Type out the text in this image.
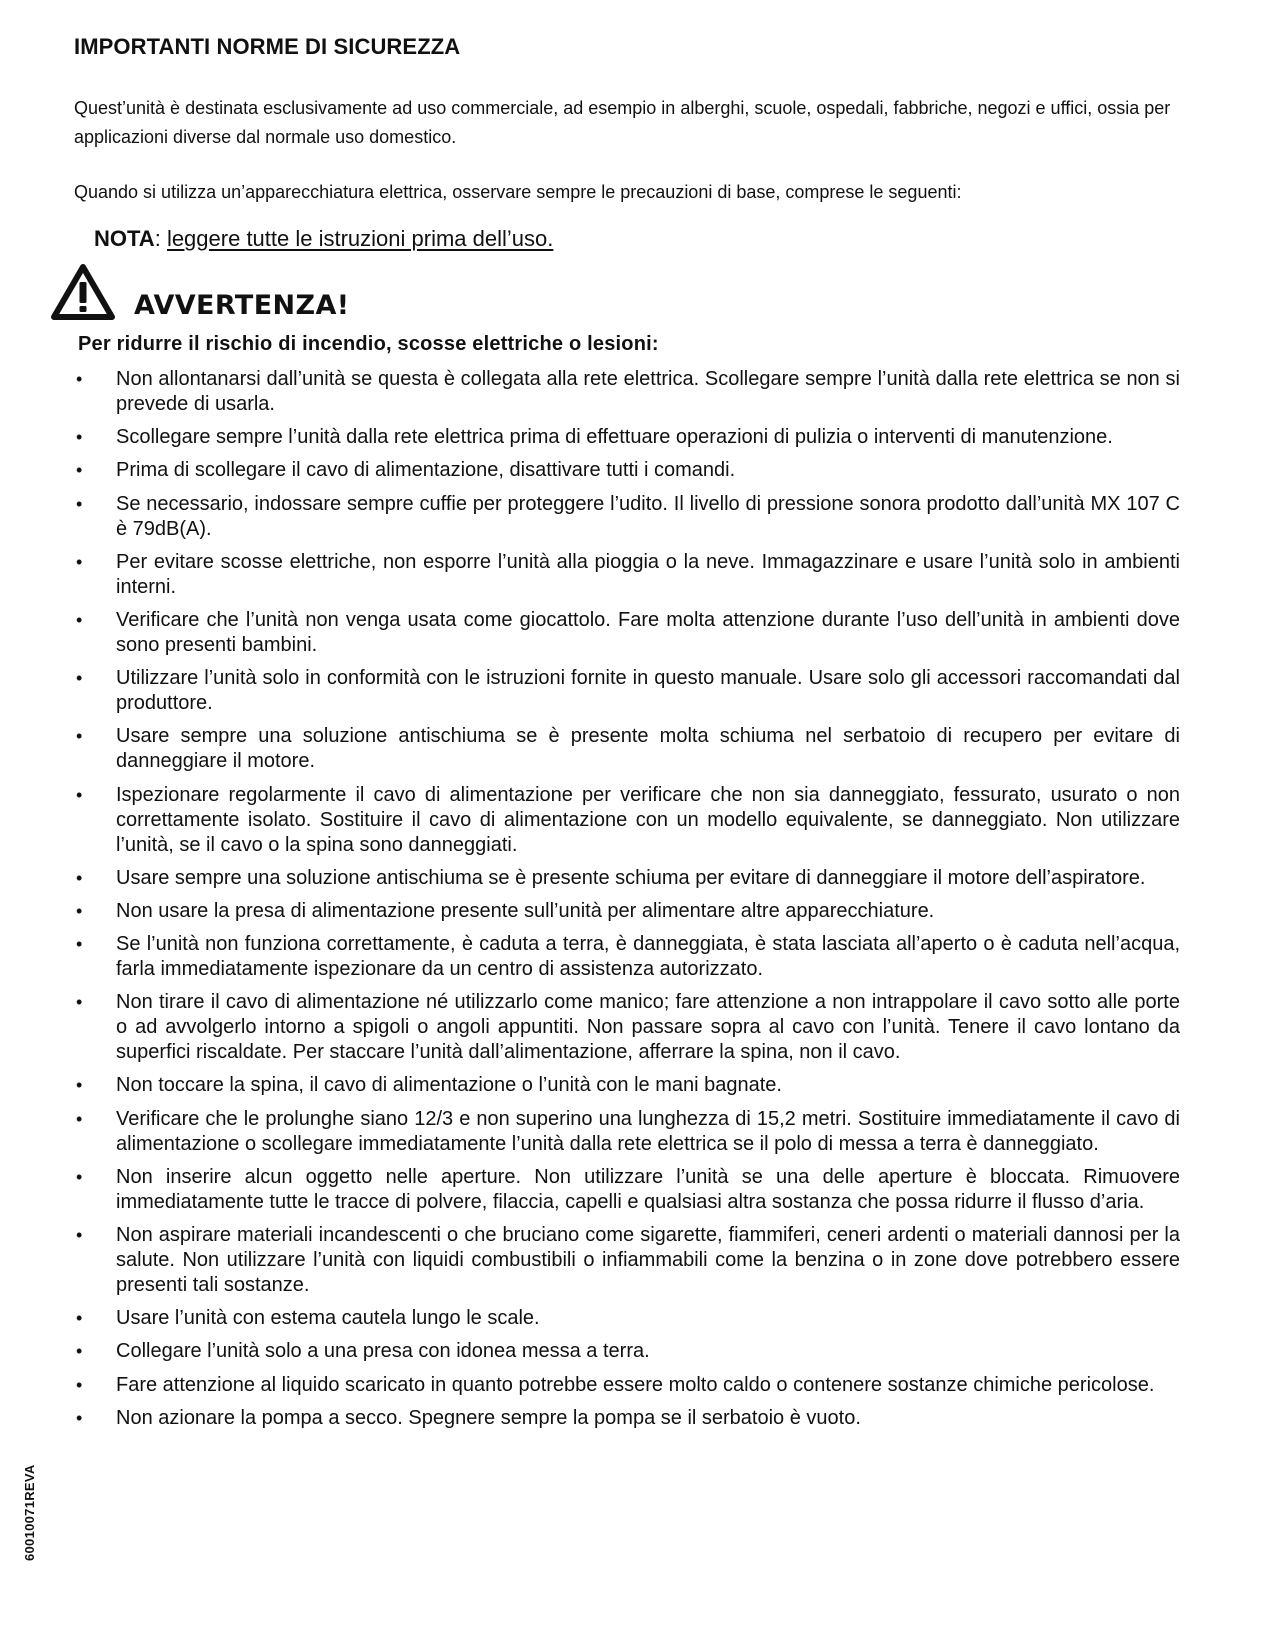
IMPORTANTI NORME DI SICUREZZA
Quest’unità è destinata esclusivamente ad uso commerciale, ad esempio in alberghi, scuole, ospedali, fabbriche, negozi e uffici, ossia per applicazioni diverse dal normale uso domestico.
Quando si utilizza un’apparecchiatura elettrica, osservare sempre le precauzioni di base, comprese le seguenti:
NOTA: leggere tutte le istruzioni prima dell’uso.
AVVERTENZA!
Per ridurre il rischio di incendio, scosse elettriche o lesioni:
• Non allontanarsi dall’unità se questa è collegata alla rete elettrica. Scollegare sempre l’unità dalla rete elettrica se non si prevede di usarla.
• Scollegare sempre l’unità dalla rete elettrica prima di effettuare operazioni di pulizia o interventi di manutenzione.
• Prima di scollegare il cavo di alimentazione, disattivare tutti i comandi.
• Se necessario, indossare sempre cuffie per proteggere l’udito. Il livello di pressione sonora prodotto dall’unità MX 107 C è 79dB(A).
• Per evitare scosse elettriche, non esporre l’unità alla pioggia o la neve. Immagazzinare e usare l’unità solo in ambienti interni.
• Verificare che l’unità non venga usata come giocattolo. Fare molta attenzione durante l’uso dell’unità in ambienti dove sono presenti bambini.
• Utilizzare l’unità solo in conformità con le istruzioni fornite in questo manuale. Usare solo gli accessori raccomandati dal produttore.
• Usare sempre una soluzione antischiuma se è presente molta schiuma nel serbatoio di recupero per evitare di danneggiare il motore.
• Ispezionare regolarmente il cavo di alimentazione per verificare che non sia danneggiato, fessurato, usurato o non correttamente isolato. Sostituire il cavo di alimentazione con un modello equivalente, se danneggiato. Non utilizzare l’unità, se il cavo o la spina sono danneggiati.
• Usare sempre una soluzione antischiuma se è presente schiuma per evitare di danneggiare il motore dell’aspiratore.
• Non usare la presa di alimentazione presente sull’unità per alimentare altre apparecchiature.
• Se l’unità non funziona correttamente, è caduta a terra, è danneggiata, è stata lasciata all’aperto o è caduta nell’acqua, farla immediatamente ispezionare da un centro di assistenza autorizzato.
• Non tirare il cavo di alimentazione né utilizzarlo come manico; fare attenzione a non intrappolare il cavo sotto alle porte o ad avvolgerlo intorno a spigoli o angoli appuntiti. Non passare sopra al cavo con l’unità. Tenere il cavo lontano da superfici riscaldate. Per staccare l’unità dall’alimentazione, afferrare la spina, non il cavo.
• Non toccare la spina, il cavo di alimentazione o l’unità con le mani bagnate.
• Verificare che le prolunghe siano 12/3 e non superino una lunghezza di 15,2 metri. Sostituire immediatamente il cavo di alimentazione o scollegare immediatamente l’unità dalla rete elettrica se il polo di messa a terra è danneggiato.
• Non inserire alcun oggetto nelle aperture. Non utilizzare l’unità se una delle aperture è bloccata. Rimuovere immediatamente tutte le tracce di polvere, filaccia, capelli e qualsiasi altra sostanza che possa ridurre il flusso d’aria.
• Non aspirare materiali incandescenti o che bruciano come sigarette, fiammiferi, ceneri ardenti o materiali dannosi per la salute. Non utilizzare l’unità con liquidi combustibili o infiammabili come la benzina o in zone dove potrebbero essere presenti tali sostanze.
• Usare l’unità con estema cautela lungo le scale.
• Collegare l’unità solo a una presa con idonea messa a terra.
• Fare attenzione al liquido scaricato in quanto potrebbe essere molto caldo o contenere sostanze chimiche pericolose.
• Non azionare la pompa a secco. Spegnere sempre la pompa se il serbatoio è vuoto.
60010071REVA
